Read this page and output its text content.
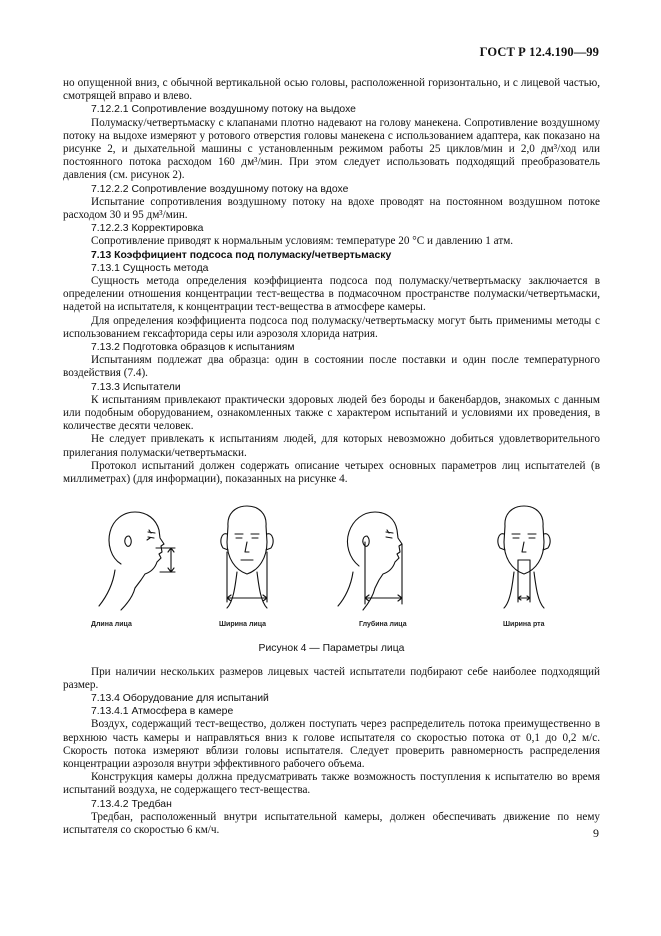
ГОСТ Р 12.4.190—99

но опущенной вниз, с обычной вертикальной осью головы, расположенной горизонтально, и с лицевой частью, смотрящей вправо и влево.

7.12.2.1 Сопротивление воздушному потоку на выдохе

Полумаску/четвертьмаску с клапанами плотно надевают на голову манекена. Сопротивление воздушному потоку на выдохе измеряют у ротового отверстия головы манекена с использованием адаптера, как показано на рисунке 2, и дыхательной машины с установленным режимом работы 25 циклов/мин и 2,0 дм³/ход или постоянного потока расходом 160 дм³/мин. При этом следует использовать подходящий преобразователь давления (см. рисунок 2).

7.12.2.2 Сопротивление воздушному потоку на вдохе

Испытание сопротивления воздушному потоку на вдохе проводят на постоянном воздушном потоке расходом 30 и 95 дм³/мин.

7.12.2.3 Корректировка

Сопротивление приводят к нормальным условиям: температуре 20 °С и давлению 1 атм.

7.13 Коэффициент подсоса под полумаску/четвертьмаску

7.13.1 Сущность метода

Сущность метода определения коэффициента подсоса под полумаску/четвертьмаску заключается в определении отношения концентрации тест-вещества в подмасочном пространстве полумаски/четвертьмаски, надетой на испытателя, к концентрации тест-вещества в атмосфере камеры.

Для определения коэффициента подсоса под полумаску/четвертьмаску могут быть применимы методы с использованием гексафторида серы или аэрозоля хлорида натрия.

7.13.2 Подготовка образцов к испытаниям

Испытаниям подлежат два образца: один в состоянии после поставки и один после температурного воздействия (7.4).

7.13.3 Испытатели

К испытаниям привлекают практически здоровых людей без бороды и бакенбардов, знакомых с данным или подобным оборудованием, ознакомленных также с характером испытаний и условиями их проведения, в количестве десяти человек.

Не следует привлекать к испытаниям людей, для которых невозможно добиться удовлетворительного прилегания полумаски/четвертьмаски.

Протокол испытаний должен содержать описание четырех основных параметров лиц испытателей (в миллиметрах) (для информации), показанных на рисунке 4.

Длина лица	Ширина лица	Глубина лица	Ширина рта
Рисунок 4 — Параметры лица

При наличии нескольких размеров лицевых частей испытатели подбирают себе наиболее подходящий размер.

7.13.4 Оборудование для испытаний

7.13.4.1 Атмосфера в камере

Воздух, содержащий тест-вещество, должен поступать через распределитель потока преимущественно в верхнюю часть камеры и направляться вниз к голове испытателя со скоростью потока от 0,1 до 0,2 м/с. Скорость потока измеряют вблизи головы испытателя. Следует проверить равномерность распределения концентрации аэрозоля внутри эффективного рабочего объема.

Конструкция камеры должна предусматривать также возможность поступления к испытателю во время испытаний воздуха, не содержащего тест-вещества.

7.13.4.2 Тредбан

Тредбан, расположенный внутри испытательной камеры, должен обеспечивать движение по нему испытателя со скоростью 6 км/ч.	9
